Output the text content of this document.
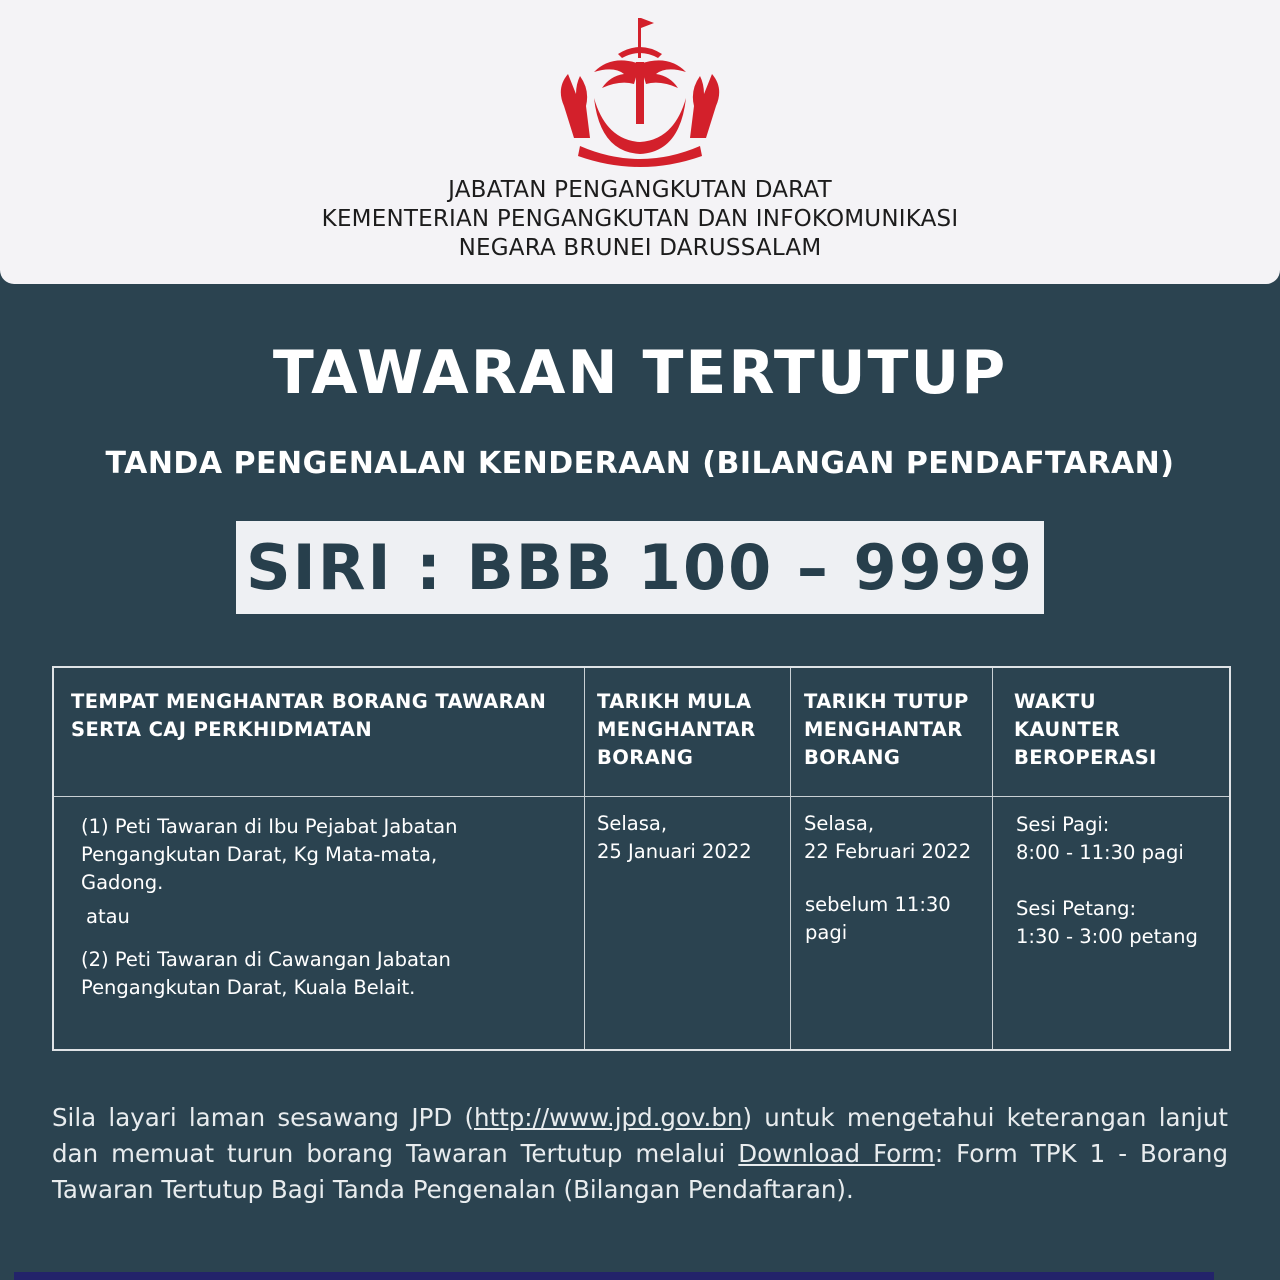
JABATAN PENGANGKUTAN DARAT
KEMENTERIAN PENGANGKUTAN DAN INFOKOMUNIKASI
NEGARA BRUNEI DARUSSALAM
TAWARAN TERTUTUP
TANDA PENGENALAN KENDERAAN (BILANGAN PENDAFTARAN)
SIRI : BBB 100 – 9999
TEMPAT MENGHANTAR BORANG TAWARAN
SERTA CAJ PERKHIDMATAN
TARIKH MULA
MENGHANTAR
BORANG
TARIKH TUTUP
MENGHANTAR
BORANG
WAKTU
KAUNTER
BEROPERASI
(1) Peti Tawaran di Ibu Pejabat Jabatan
Pengangkutan Darat, Kg Mata-mata,
Gadong.
atau
(2) Peti Tawaran di Cawangan Jabatan
Pengangkutan Darat, Kuala Belait.
Selasa,
25 Januari 2022
Selasa,
22 Februari 2022
sebelum 11:30
pagi
Sesi Pagi:
8:00 - 11:30 pagi
Sesi Petang:
1:30 - 3:00 petang
Sila layari laman sesawang JPD (http://www.jpd.gov.bn) untuk mengetahui keterangan lanjut dan memuat turun borang Tawaran Tertutup melalui Download Form: Form TPK 1 - Borang Tawaran Tertutup Bagi Tanda Pengenalan (Bilangan Pendaftaran).
